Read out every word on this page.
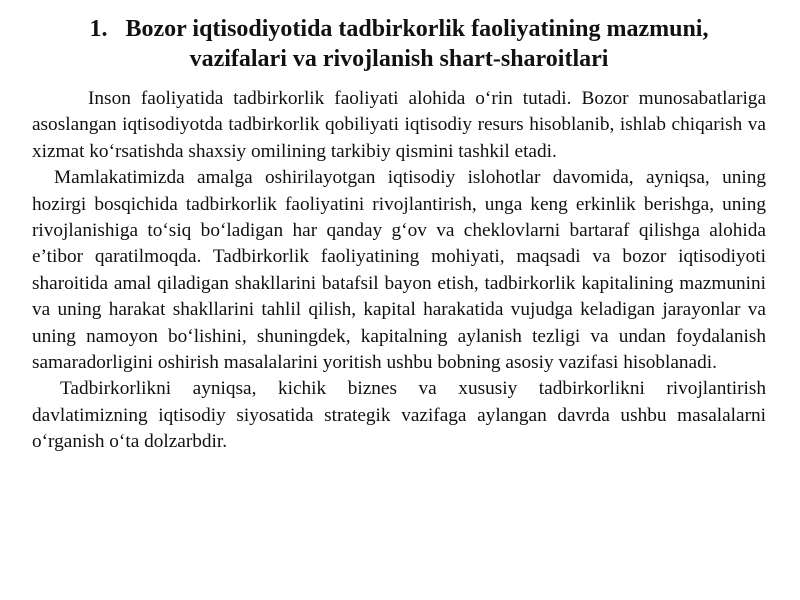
1. Bozor iqtisodiyotida tadbirkorlik faoliyatining mazmuni,
vazifalari va rivojlanish shart-sharoitlari

Inson faoliyatida tadbirkorlik faoliyati alohida o‘rin tutadi. Bozor munosabatlariga asoslangan iqtisodiyotda tadbirkorlik qobiliyati iqtisodiy resurs hisoblanib, ishlab chiqarish va xizmat ko‘rsatishda shaxsiy omilining tarkibiy qismini tashkil etadi.

Mamlakatimizda amalga oshirilayotgan iqtisodiy islohotlar davomida, ayniqsa, uning hozirgi bosqichida tadbirkorlik faoliyatini rivojlantirish, unga keng erkinlik berishga, uning rivojlanishiga to‘siq bo‘ladigan har qanday g‘ov va cheklovlarni bartaraf qilishga alohida e’tibor qaratilmoqda. Tadbirkorlik faoliyatining mohiyati, maqsadi va bozor iqtisodiyoti sharoitida amal qiladigan shakllarini batafsil bayon etish, tadbirkorlik kapitalining mazmunini va uning harakat shakllarini tahlil qilish, kapital harakatida vujudga keladigan jarayonlar va uning namoyon bo‘lishini, shuningdek, kapitalning aylanish tezligi va undan foydalanish samaradorligini oshirish masalalarini yoritish ushbu bobning asosiy vazifasi hisoblanadi.

Tadbirkorlikni ayniqsa, kichik biznes va xususiy tadbirkorlikni rivojlantirish davlatimizning iqtisodiy siyosatida strategik vazifaga aylangan davrda ushbu masalalarni o‘rganish o‘ta dolzarbdir.
